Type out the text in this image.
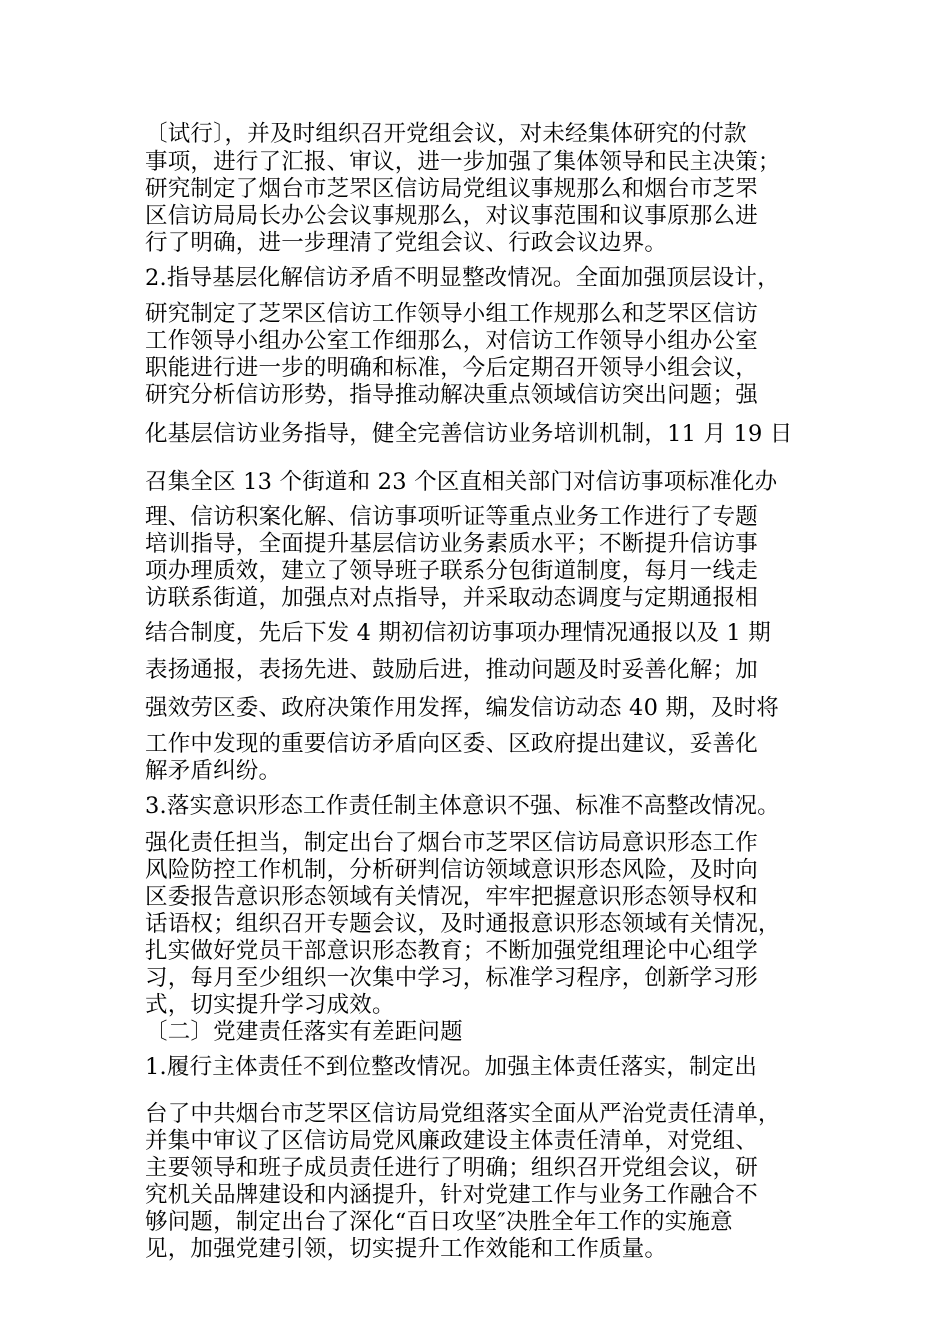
〔试行〕，并及时组织召开党组会议，对未经集体研究的付款
事项，进行了汇报、审议，进一步加强了集体领导和民主决策；
研究制定了烟台市芝罘区信访局党组议事规那么和烟台市芝罘
区信访局局长办公会议事规那么，对议事范围和议事原那么进
行了明确，进一步理清了党组会议、行政会议边界。
2.指导基层化解信访矛盾不明显整改情况。全面加强顶层设计，
研究制定了芝罘区信访工作领导小组工作规那么和芝罘区信访
工作领导小组办公室工作细那么，对信访工作领导小组办公室
职能进行进一步的明确和标准，今后定期召开领导小组会议，
研究分析信访形势，指导推动解决重点领域信访突出问题；强
化基层信访业务指导，健全完善信访业务培训机制，11 月 19 日
召集全区 13 个街道和 23 个区直相关部门对信访事项标准化办
理、信访积案化解、信访事项听证等重点业务工作进行了专题
培训指导，全面提升基层信访业务素质水平；不断提升信访事
项办理质效，建立了领导班子联系分包街道制度，每月一线走
访联系街道，加强点对点指导，并采取动态调度与定期通报相
结合制度，先后下发 4 期初信初访事项办理情况通报以及 1 期
表扬通报，表扬先进、鼓励后进，推动问题及时妥善化解；加
强效劳区委、政府决策作用发挥，编发信访动态 40 期，及时将
工作中发现的重要信访矛盾向区委、区政府提出建议，妥善化
解矛盾纠纷。
3.落实意识形态工作责任制主体意识不强、标准不高整改情况。
强化责任担当，制定出台了烟台市芝罘区信访局意识形态工作
风险防控工作机制，分析研判信访领域意识形态风险，及时向
区委报告意识形态领域有关情况，牢牢把握意识形态领导权和
话语权；组织召开专题会议，及时通报意识形态领域有关情况，
扎实做好党员干部意识形态教育；不断加强党组理论中心组学
习，每月至少组织一次集中学习，标准学习程序，创新学习形
式，切实提升学习成效。
〔二〕党建责任落实有差距问题
1.履行主体责任不到位整改情况。加强主体责任落实，制定出
台了中共烟台市芝罘区信访局党组落实全面从严治党责任清单，
并集中审议了区信访局党风廉政建设主体责任清单，对党组、
主要领导和班子成员责任进行了明确；组织召开党组会议，研
究机关品牌建设和内涵提升，针对党建工作与业务工作融合不
够问题，制定出台了深化“百日攻坚″决胜全年工作的实施意
见，加强党建引领，切实提升工作效能和工作质量。
